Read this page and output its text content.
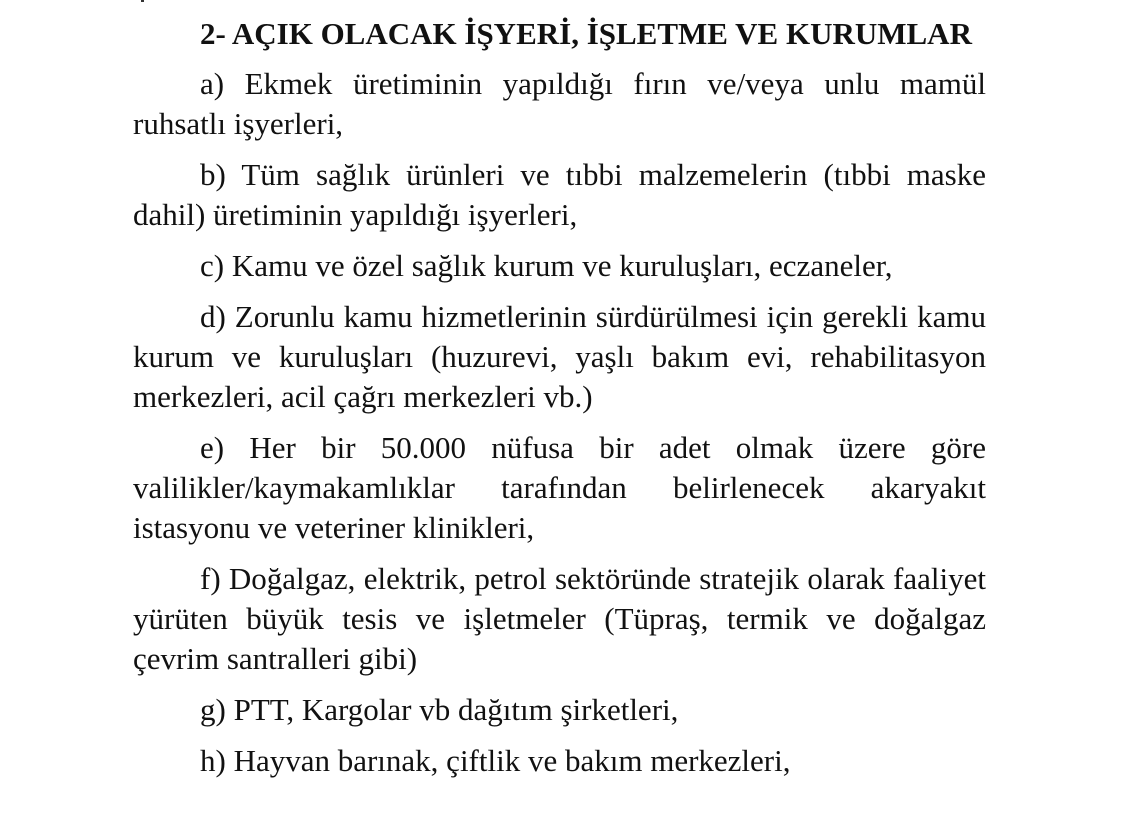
2- AÇIK OLACAK İŞYERİ, İŞLETME VE KURUMLAR

a) Ekmek üretiminin yapıldığı fırın ve/veya unlu mamül ruhsatlı işyerleri,

b) Tüm sağlık ürünleri ve tıbbi malzemelerin (tıbbi maske dahil) üretiminin yapıldığı işyerleri,

c) Kamu ve özel sağlık kurum ve kuruluşları, eczaneler,

d) Zorunlu kamu hizmetlerinin sürdürülmesi için gerekli kamu kurum ve kuruluşları (huzurevi, yaşlı bakım evi, rehabilitasyon merkezleri, acil çağrı merkezleri vb.)

e) Her bir 50.000 nüfusa bir adet olmak üzere göre valilikler/kaymakamlıklar tarafından belirlenecek akaryakıt istasyonu ve veteriner klinikleri,

f) Doğalgaz, elektrik, petrol sektöründe stratejik olarak faaliyet yürüten büyük tesis ve işletmeler (Tüpraş, termik ve doğalgaz çevrim santralleri gibi)

g) PTT, Kargolar vb dağıtım şirketleri,

h) Hayvan barınak, çiftlik ve bakım merkezleri,
